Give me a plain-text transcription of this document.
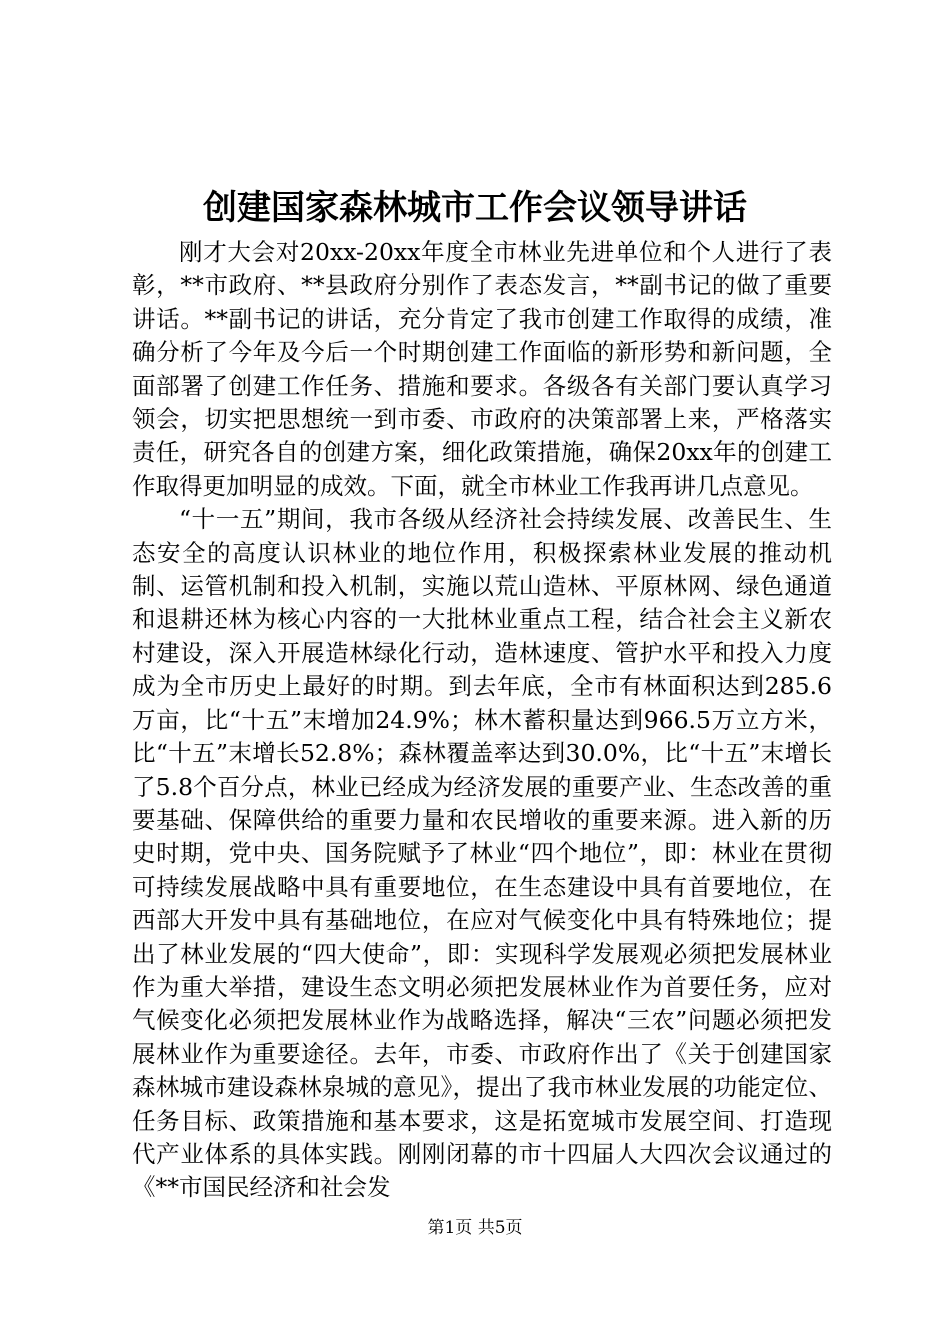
创建国家森林城市工作会议领导讲话

刚才大会对20xx-20xx年度全市林业先进单位和个人进行了表彰，**市政府、**县政府分别作了表态发言，**副书记的做了重要讲话。**副书记的讲话，充分肯定了我市创建工作取得的成绩，准确分析了今年及今后一个时期创建工作面临的新形势和新问题，全面部署了创建工作任务、措施和要求。各级各有关部门要认真学习领会，切实把思想统一到市委、市政府的决策部署上来，严格落实责任，研究各自的创建方案，细化政策措施，确保20xx年的创建工作取得更加明显的成效。下面，就全市林业工作我再讲几点意见。

“十一五”期间，我市各级从经济社会持续发展、改善民生、生态安全的高度认识林业的地位作用，积极探索林业发展的推动机制、运管机制和投入机制，实施以荒山造林、平原林网、绿色通道和退耕还林为核心内容的一大批林业重点工程，结合社会主义新农村建设，深入开展造林绿化行动，造林速度、管护水平和投入力度成为全市历史上最好的时期。到去年底，全市有林面积达到285.6万亩，比“十五”末增加24.9%；林木蓄积量达到966.5万立方米，比“十五”末增长52.8%；森林覆盖率达到30.0%，比“十五”末增长了5.8个百分点，林业已经成为经济发展的重要产业、生态改善的重要基础、保障供给的重要力量和农民增收的重要来源。进入新的历史时期，党中央、国务院赋予了林业“四个地位”，即：林业在贯彻可持续发展战略中具有重要地位，在生态建设中具有首要地位，在西部大开发中具有基础地位，在应对气候变化中具有特殊地位；提出了林业发展的“四大使命”，即：实现科学发展观必须把发展林业作为重大举措，建设生态文明必须把发展林业作为首要任务，应对气候变化必须把发展林业作为战略选择，解决“三农”问题必须把发展林业作为重要途径。去年，市委、市政府作出了《关于创建国家森林城市建设森林泉城的意见》，提出了我市林业发展的功能定位、任务目标、政策措施和基本要求，这是拓宽城市发展空间、打造现代产业体系的具体实践。刚刚闭幕的市十四届人大四次会议通过的《**市国民经济和社会发

第1页 共5页
